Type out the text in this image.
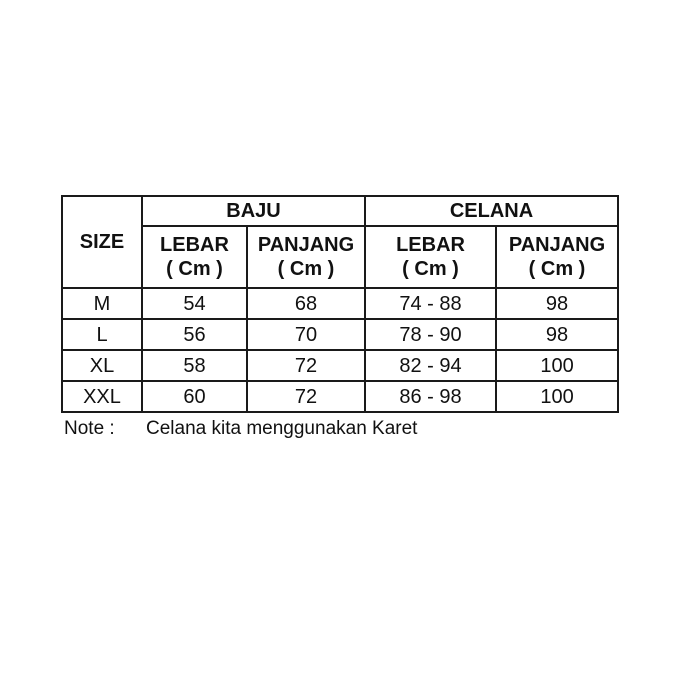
SIZE	BAJU		CELANA	
	LEBAR	PANJANG	LEBAR	PANJANG
	( Cm )	( Cm )	( Cm )	( Cm )
M	54	68	74 - 88	98
L	56	70	78 - 90	98
XL	58	72	82 - 94	100
XXL	60	72	86 - 98	100
Note :	Celana kita menggunakan Karet
